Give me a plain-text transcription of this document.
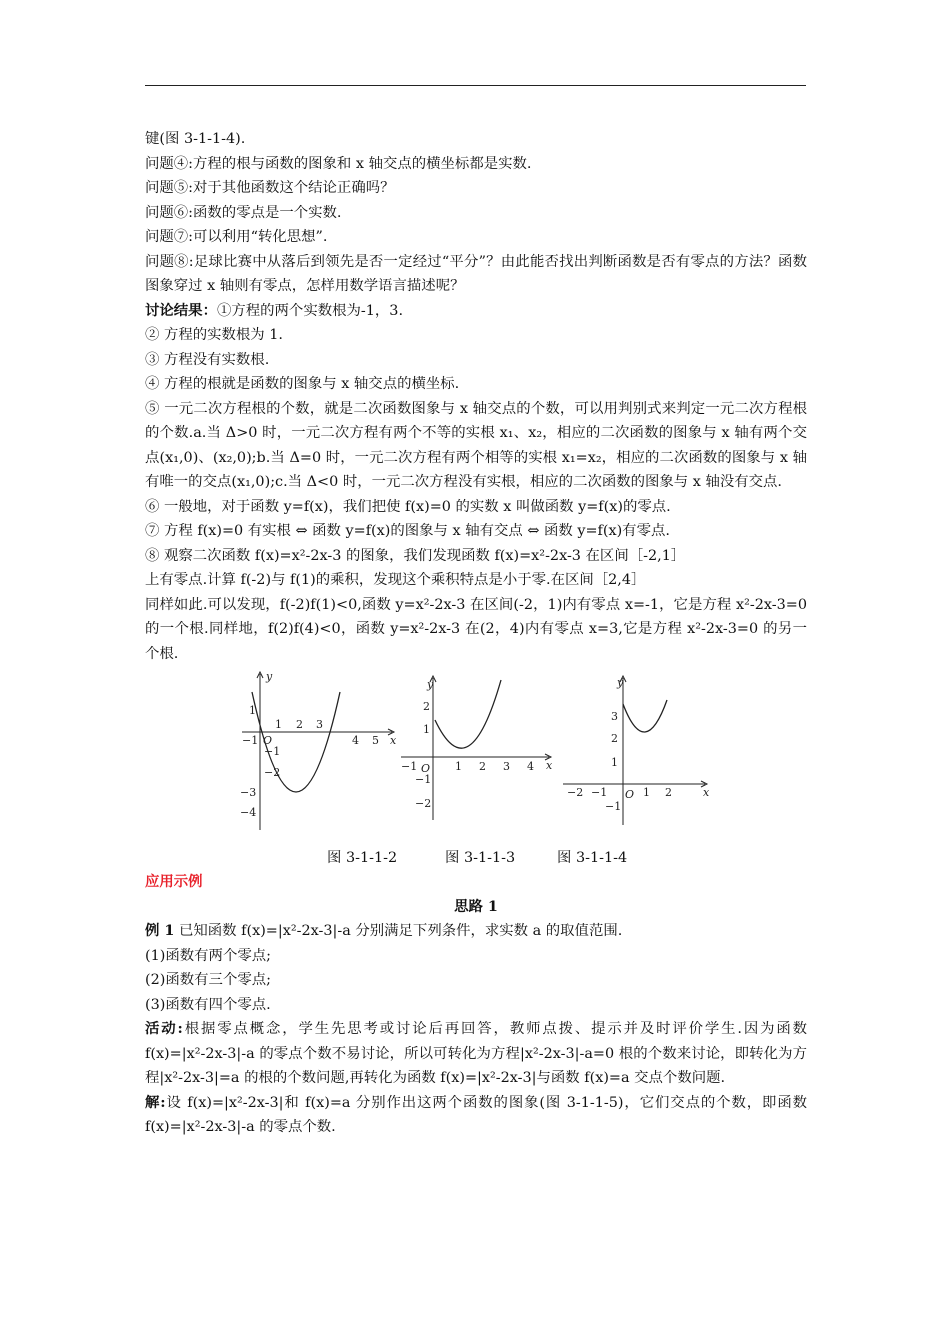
键(图 3-1-1-4).

问题④:方程的根与函数的图象和 x 轴交点的横坐标都是实数.

问题⑤:对于其他函数这个结论正确吗？

问题⑥:函数的零点是一个实数.

问题⑦:可以利用“转化思想”.

问题⑧:足球比赛中从落后到领先是否一定经过“平分”？由此能否找出判断函数是否有零点的方法？函数图象穿过 x 轴则有零点，怎样用数学语言描述呢？

讨论结果：①方程的两个实数根为-1，3.

② 方程的实数根为 1.

③ 方程没有实数根.

④ 方程的根就是函数的图象与 x 轴交点的横坐标.

⑤ 一元二次方程根的个数，就是二次函数图象与 x 轴交点的个数，可以用判别式来判定一元二次方程根的个数.a.当 Δ>0 时，一元二次方程有两个不等的实根 x₁、x₂，相应的二次函数的图象与 x 轴有两个交点(x₁,0)、(x₂,0);b.当 Δ=0 时，一元二次方程有两个相等的实根 x₁=x₂，相应的二次函数的图象与 x 轴有唯一的交点(x₁,0);c.当 Δ<0 时，一元二次方程没有实根，相应的二次函数的图象与 x 轴没有交点.

⑥ 一般地，对于函数 y=f(x)，我们把使 f(x)=0 的实数 x 叫做函数 y=f(x)的零点.

⑦ 方程 f(x)=0 有实根 ⇔ 函数 y=f(x)的图象与 x 轴有交点 ⇔ 函数 y=f(x)有零点.

⑧ 观察二次函数 f(x)=x²-2x-3 的图象，我们发现函数 f(x)=x²-2x-3 在区间［-2,1］

上有零点.计算 f(-2)与 f(1)的乘积，发现这个乘积特点是小于零.在区间［2,4］

同样如此.可以发现，f(-2)f(1)<0,函数 y=x²-2x-3 在区间(-2，1)内有零点 x=-1，它是方程 x²-2x-3=0 的一个根.同样地，f(2)f(4)<0，函数 y=x²-2x-3 在(2，4)内有零点 x=3,它是方程 x²-2x-3=0 的另一个根.

y
x
O
−1
1 2 3
4 5
1
−1
−2
−3
−4
y
x
O
−1	1 2 3 4
2
1
−1
−2
y
x
O
−2 −1	1 2
3
2
1
−1
图 3-1-1-2	图 3-1-1-3	图 3-1-1-4

应用示例

思路 1

例 1 已知函数 f(x)=|x²-2x-3|-a 分别满足下列条件，求实数 a 的取值范围.

(1)函数有两个零点;

(2)函数有三个零点;

(3)函数有四个零点.

活动:根据零点概念，学生先思考或讨论后再回答，教师点拨、提示并及时评价学生.因为函数 f(x)=|x²-2x-3|-a 的零点个数不易讨论，所以可转化为方程|x²-2x-3|-a=0 根的个数来讨论，即转化为方程|x²-2x-3|=a 的根的个数问题,再转化为函数 f(x)=|x²-2x-3|与函数 f(x)=a 交点个数问题.

解:设 f(x)=|x²-2x-3|和 f(x)=a 分别作出这两个函数的图象(图 3-1-1-5)，它们交点的个数，即函数 f(x)=|x²-2x-3|-a 的零点个数.
